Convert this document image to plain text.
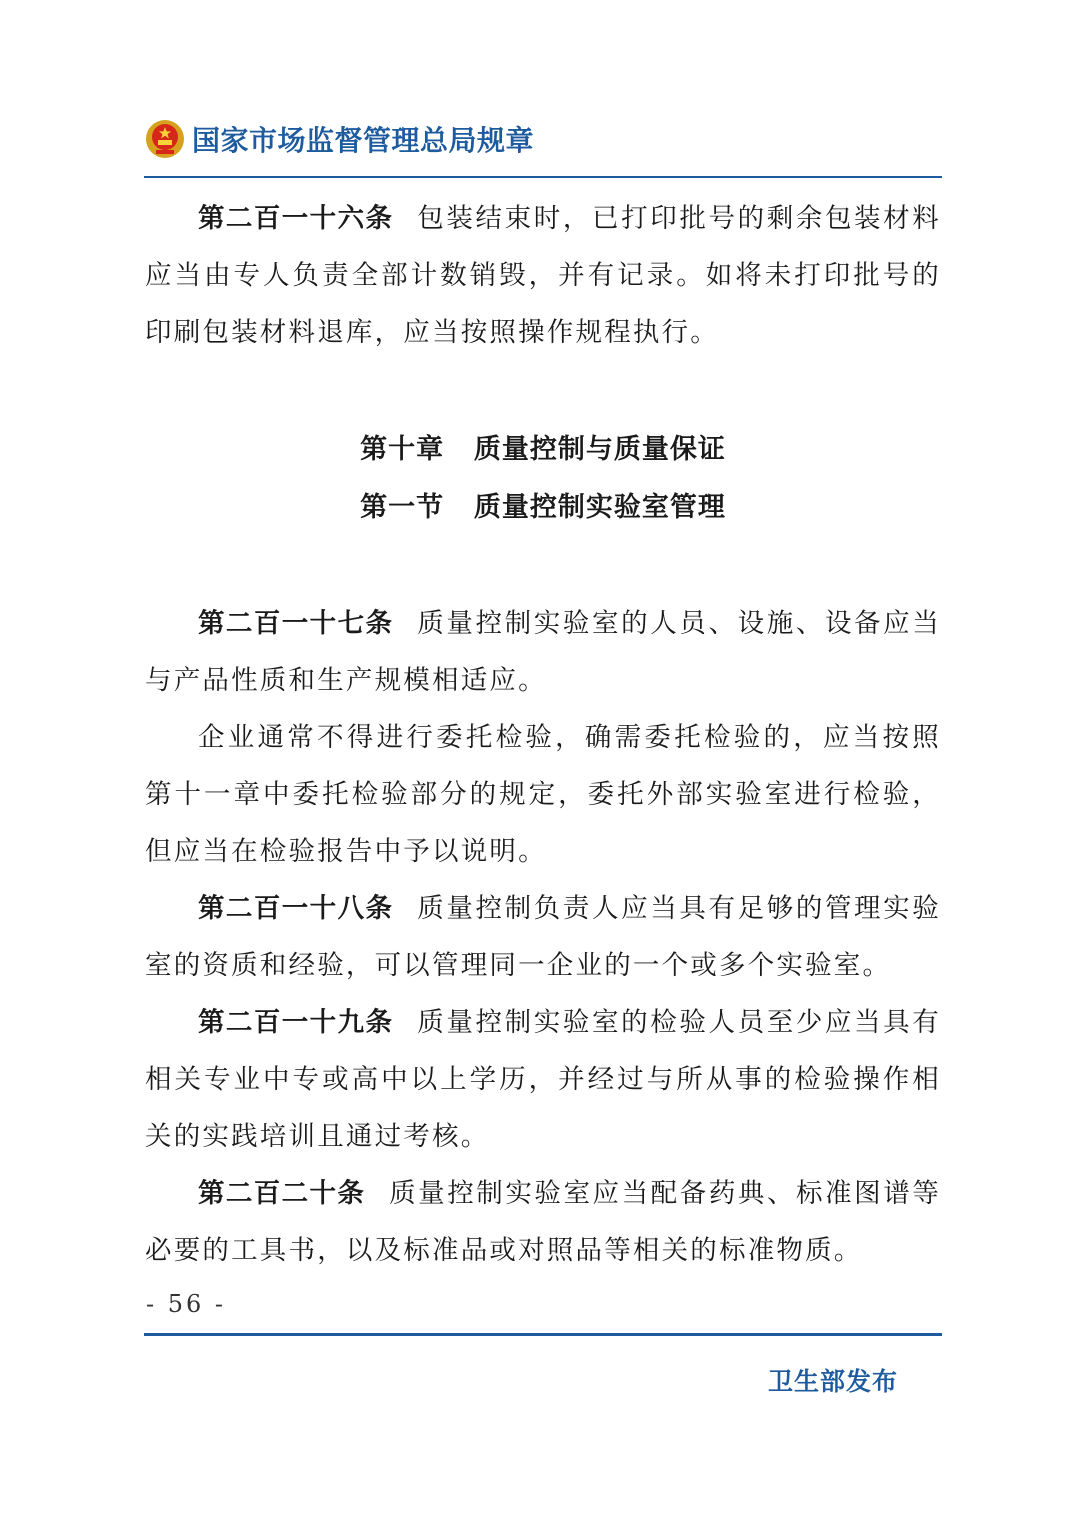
国家市场监督管理总局规章

第二百一十六条 包装结束时，已打印批号的剩余包装材料应当由专人负责全部计数销毁，并有记录。如将未打印批号的印刷包装材料退库，应当按照操作规程执行。

第十章 质量控制与质量保证
第一节 质量控制实验室管理

第二百一十七条 质量控制实验室的人员、设施、设备应当与产品性质和生产规模相适应。

企业通常不得进行委托检验，确需委托检验的，应当按照第十一章中委托检验部分的规定，委托外部实验室进行检验，但应当在检验报告中予以说明。

第二百一十八条 质量控制负责人应当具有足够的管理实验室的资质和经验，可以管理同一企业的一个或多个实验室。

第二百一十九条 质量控制实验室的检验人员至少应当具有相关专业中专或高中以上学历，并经过与所从事的检验操作相关的实践培训且通过考核。

第二百二十条 质量控制实验室应当配备药典、标准图谱等必要的工具书，以及标准品或对照品等相关的标准物质。

- 56 -
卫生部发布
